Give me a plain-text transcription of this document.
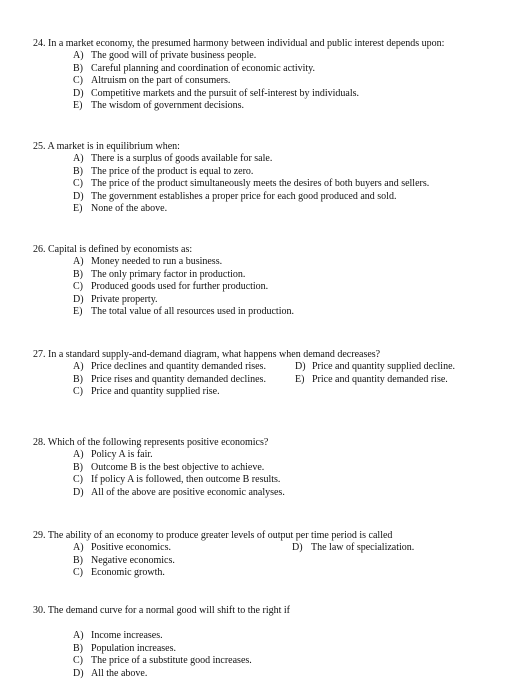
24. In a market economy, the presumed harmony between individual and public interest depends upon:
A) The good will of private business people.
B) Careful planning and coordination of economic activity.
C) Altruism on the part of consumers.
D) Competitive markets and the pursuit of self-interest by individuals.
E) The wisdom of government decisions.
25. A market is in equilibrium when:
A) There is a surplus of goods available for sale.
B) The price of the product is equal to zero.
C) The price of the product simultaneously meets the desires of both buyers and sellers.
D) The government establishes a proper price for each good produced and sold.
E) None of the above.
26. Capital is defined by economists as:
A) Money needed to run a business.
B) The only primary factor in production.
C) Produced goods used for further production.
D) Private property.
E) The total value of all resources used in production.
27. In a standard supply-and-demand diagram, what happens when demand decreases?
A) Price declines and quantity demanded rises.	D) Price and quantity supplied decline.
B) Price rises and quantity demanded declines.	E) Price and quantity demanded rise.
C) Price and quantity supplied rise.
28. Which of the following represents positive economics?
A) Policy A is fair.
B) Outcome B is the best objective to achieve.
C) If policy A is followed, then outcome B results.
D) All of the above are positive economic analyses.
29. The ability of an economy to produce greater levels of output per time period is called
A) Positive economics.	D) The law of specialization.
B) Negative economics.
C) Economic growth.
30. The demand curve for a normal good will shift to the right if
A) Income increases.
B) Population increases.
C) The price of a substitute good increases.
D) All the above.
